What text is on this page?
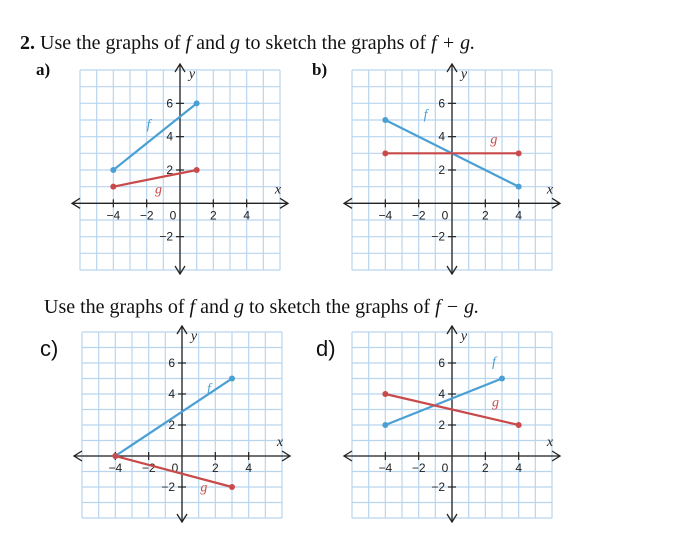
2. Use the graphs of f and g to sketch the graphs of f + g.
Use the graphs of f and g to sketch the graphs of f − g.
a)	b)
c)	d)
x
y
−4 −2 0	2 4
6
4
2
−2
f
g	x
y
−4 −2 0	2 4
6
4
2
−2
f
g
x
y
−4 −2 0	2 4
6
4
2
−2
f
g
x
y
−4 −2 0	2 4
6
4
2
−2
f
g
